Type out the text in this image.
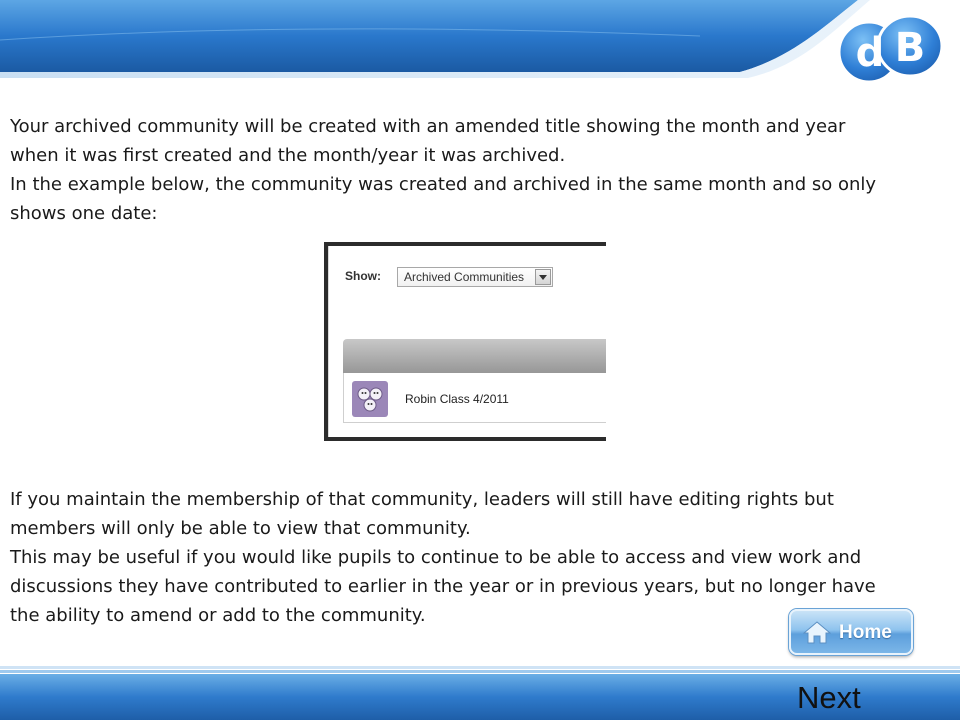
d B

Your archived community will be created with an amended title showing the month and year

when it was first created and the month/year it was archived.

In the example below, the community was created and archived in the same month and so only

shows one date:

Show:	Archived Communities
Robin Class 4/2011

If you maintain the membership of that community, leaders will still have editing rights but

members will only be able to view that community.

This may be useful if you would like pupils to continue to be able to access and view work and

discussions they have contributed to earlier in the year or in previous years, but no longer have

the ability to amend or add to the community.

Home
Next
